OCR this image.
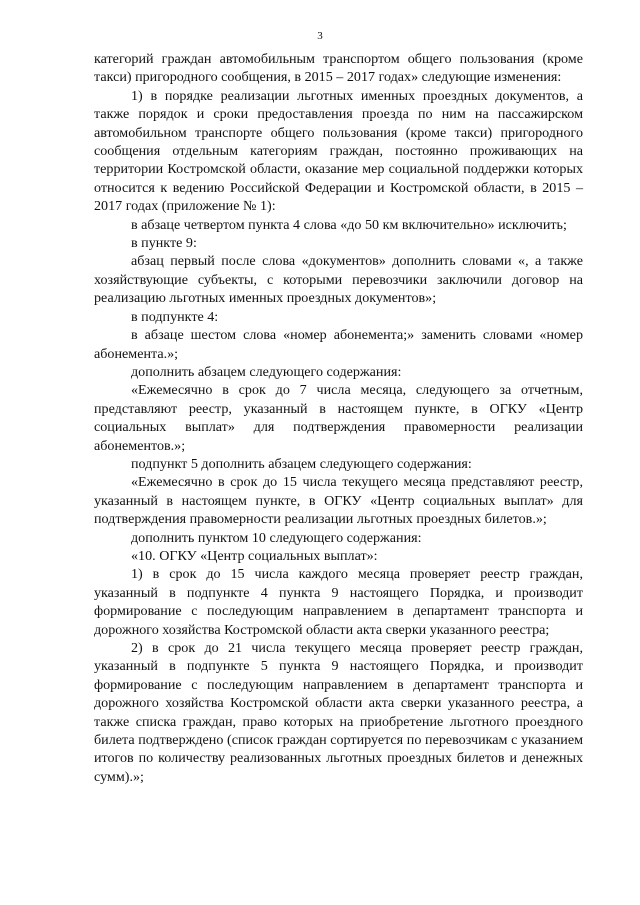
3

категорий граждан автомобильным транспортом общего пользования (кроме такси) пригородного сообщения, в 2015 – 2017 годах» следующие изменения:

1) в порядке реализации льготных именных проездных документов, а также порядок и сроки предоставления проезда по ним на пассажирском автомобильном транспорте общего пользования (кроме такси) пригородного сообщения отдельным категориям граждан, постоянно проживающих на территории Костромской области, оказание мер социальной поддержки которых относится к ведению Российской Федерации и Костромской области, в 2015 – 2017 годах (приложение № 1):

в абзаце четвертом пункта 4 слова «до 50 км включительно» исключить;

в пункте 9:

абзац первый после слова «документов» дополнить словами «, а также хозяйствующие субъекты, с которыми перевозчики заключили договор на реализацию льготных именных проездных документов»;

в подпункте 4:

в абзаце шестом слова «номер абонемента;» заменить словами «номер абонемента.»;

дополнить абзацем следующего содержания:

«Ежемесячно в срок до 7 числа месяца, следующего за отчетным, представляют реестр, указанный в настоящем пункте, в ОГКУ «Центр социальных выплат» для подтверждения правомерности реализации абонементов.»;

подпункт 5 дополнить абзацем следующего содержания:

«Ежемесячно в срок до 15 числа текущего месяца представляют реестр, указанный в настоящем пункте, в ОГКУ «Центр социальных выплат» для подтверждения правомерности реализации льготных проездных билетов.»;

дополнить пунктом 10 следующего содержания:

«10. ОГКУ «Центр социальных выплат»:

1) в срок до 15 числа каждого месяца проверяет реестр граждан, указанный в подпункте 4 пункта 9 настоящего Порядка, и производит формирование с последующим направлением в департамент транспорта и дорожного хозяйства Костромской области акта сверки указанного реестра;

2) в срок до 21 числа текущего месяца проверяет реестр граждан, указанный в подпункте 5 пункта 9 настоящего Порядка, и производит формирование с последующим направлением в департамент транспорта и дорожного хозяйства Костромской области акта сверки указанного реестра, а также списка граждан, право которых на приобретение льготного проездного билета подтверждено (список граждан сортируется по перевозчикам с указанием итогов по количеству реализованных льготных проездных билетов и денежных сумм).»;
